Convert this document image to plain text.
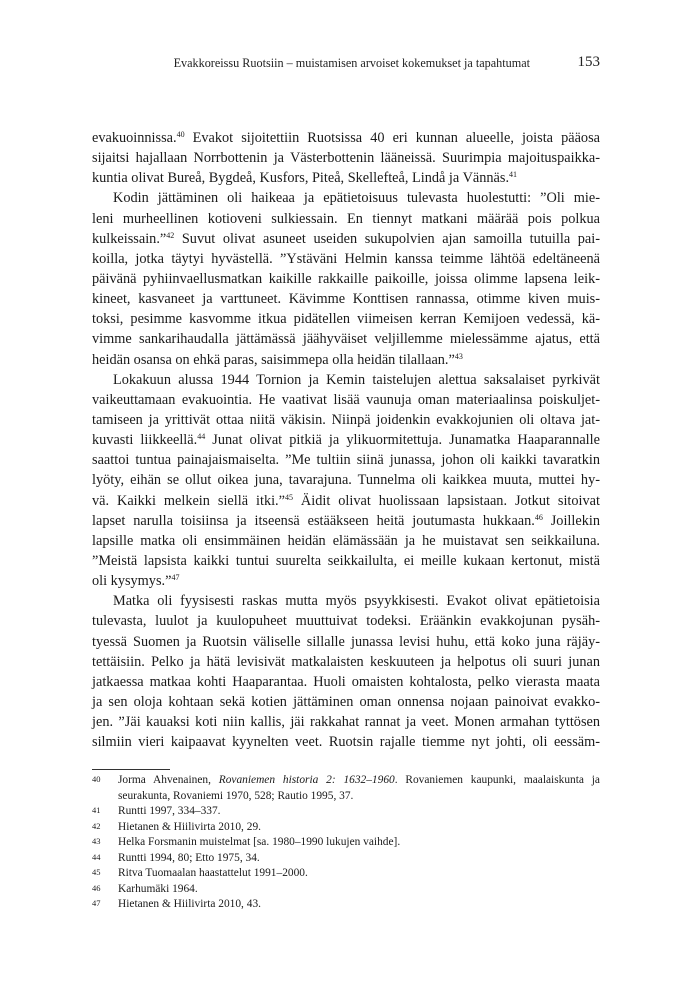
Evakkoreissu Ruotsiin – muistamisen arvoiset kokemukset ja tapahtumat	153
evakuoinnissa.$^{40}$ Evakot sijoitettiin Ruotsissa 40 eri kunnan alueelle, joista pääosa
sijaitsi hajallaan Norrbottenin ja Västerbottenin lääneissä. Suurimpia majoituspaikka-
kuntia olivat Bureå, Bygdeå, Kusfors, Piteå, Skellefteå, Lindå ja Vännäs.$^{41}$
Kodin jättäminen oli haikeaa ja epätietoisuus tulevasta huolestutti: ”Oli mie-
leni murheellinen kotioveni sulkiessain. En tiennyt matkani määrää pois polkua
kulkeissain.”$^{42}$ Suvut olivat asuneet useiden sukupolvien ajan samoilla tutuilla pai-
koilla, jotka täytyi hyvästellä. ”Ystäväni Helmin kanssa teimme lähtöä edeltäneenä
päivänä pyhiinvaellusmatkan kaikille rakkaille paikoille, joissa olimme lapsena leik-
kineet, kasvaneet ja varttuneet. Kävimme Konttisen rannassa, otimme kiven muis-
toksi, pesimme kasvomme itkua pidätellen viimeisen kerran Kemijoen vedessä, kä-
vimme sankarihaudalla jättämässä jäähyväiset veljillemme mielessämme ajatus, että
heidän osansa on ehkä paras, saisimmepa olla heidän tilallaan.”$^{43}$
Lokakuun alussa 1944 Tornion ja Kemin taistelujen alettua saksalaiset pyrkivät
vaikeuttamaan evakuointia. He vaativat lisää vaunuja oman materiaalinsa poiskuljet-
tamiseen ja yrittivät ottaa niitä väkisin. Niinpä joidenkin evakkojunien oli oltava jat-
kuvasti liikkeellä.$^{44}$ Junat olivat pitkiä ja ylikuormitettuja. Junamatka Haaparannalle
saattoi tuntua painajaismaiselta. ”Me tultiin siinä junassa, johon oli kaikki tavaratkin
lyöty, eihän se ollut oikea juna, tavarajuna. Tunnelma oli kaikkea muuta, muttei hy-
vä. Kaikki melkein siellä itki.”$^{45}$ Äidit olivat huolissaan lapsistaan. Jotkut sitoivat
lapset narulla toisiinsa ja itseensä estääkseen heitä joutumasta hukkaan.$^{46}$ Joillekin
lapsille matka oli ensimmäinen heidän elämässään ja he muistavat sen seikkailuna.
”Meistä lapsista kaikki tuntui suurelta seikkailulta, ei meille kukaan kertonut, mistä
oli kysymys.”$^{47}$
Matka oli fyysisesti raskas mutta myös psyykkisesti. Evakot olivat epätietoisia
tulevasta, luulot ja kuulopuheet muuttuivat todeksi. Eräänkin evakkojunan pysäh-
tyessä Suomen ja Ruotsin väliselle sillalle junassa levisi huhu, että koko juna räjäy-
tettäisiin. Pelko ja hätä levisivät matkalaisten keskuuteen ja helpotus oli suuri junan
jatkaessa matkaa kohti Haaparantaa. Huoli omaisten kohtalosta, pelko vierasta maata
ja sen oloja kohtaan sekä kotien jättäminen oman onnensa nojaan painoivat evakko-
jen. ”Jäi kauaksi koti niin kallis, jäi rakkahat rannat ja veet. Monen armahan tyttösen
silmiin vieri kaipaavat kyynelten veet. Ruotsin rajalle tiemme nyt johti, oli eessäm-
40 Jorma Ahvenainen, Rovaniemen historia 2: 1632–1960. Rovaniemen kaupunki, maalaiskunta ja
seurakunta, Rovaniemi 1970, 528; Rautio 1995, 37.
41 Runtti 1997, 334–337.
42 Hietanen & Hiilivirta 2010, 29.
43 Helka Forsmanin muistelmat [sa. 1980–1990 lukujen vaihde].
44 Runtti 1994, 80; Etto 1975, 34.
45 Ritva Tuomaalan haastattelut 1991–2000.
46 Karhumäki 1964.
47 Hietanen & Hiilivirta 2010, 43.
